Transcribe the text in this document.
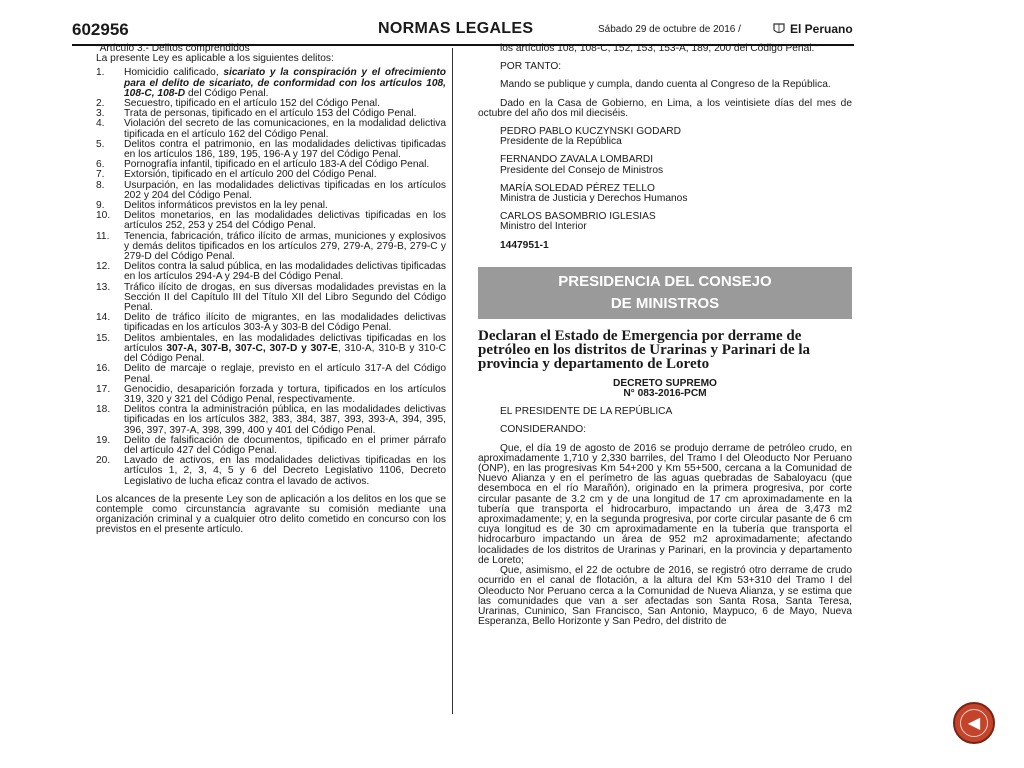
602956	NORMAS LEGALES	Sábado 29 de octubre de 2016 /	El Peruano

"Artículo 3.- Delitos comprendidos

La presente Ley es aplicable a los siguientes delitos:

1. Homicidio calificado, sicariato y la conspiración y el ofrecimiento para el delito de sicariato, de conformidad con los artículos 108, 108-C, 108-D del Código Penal.

2. Secuestro, tipificado en el artículo 152 del Código Penal.

3. Trata de personas, tipificado en el artículo 153 del Código Penal.

4. Violación del secreto de las comunicaciones, en la modalidad delictiva tipificada en el artículo 162 del Código Penal.

5. Delitos contra el patrimonio, en las modalidades delictivas tipificadas en los artículos 186, 189, 195, 196-A y 197 del Código Penal.

6. Pornografía infantil, tipificado en el artículo 183-A del Código Penal.

7. Extorsión, tipificado en el artículo 200 del Código Penal.

8. Usurpación, en las modalidades delictivas tipificadas en los artículos 202 y 204 del Código Penal.

9. Delitos informáticos previstos en la ley penal.

10. Delitos monetarios, en las modalidades delictivas tipificadas en los artículos 252, 253 y 254 del Código Penal.

11. Tenencia, fabricación, tráfico ilícito de armas, municiones y explosivos y demás delitos tipificados en los artículos 279, 279-A, 279-B, 279-C y 279-D del Código Penal.

12. Delitos contra la salud pública, en las modalidades delictivas tipificadas en los artículos 294-A y 294-B del Código Penal.

13. Tráfico ilícito de drogas, en sus diversas modalidades previstas en la Sección II del Capítulo III del Título XII del Libro Segundo del Código Penal.

14. Delito de tráfico ilícito de migrantes, en las modalidades delictivas tipificadas en los artículos 303-A y 303-B del Código Penal.

15. Delitos ambientales, en las modalidades delictivas tipificadas en los artículos 307-A, 307-B, 307-C, 307-D y 307-E, 310-A, 310-B y 310-C del Código Penal.

16. Delito de marcaje o reglaje, previsto en el artículo 317-A del Código Penal.

17. Genocidio, desaparición forzada y tortura, tipificados en los artículos 319, 320 y 321 del Código Penal, respectivamente.

18. Delitos contra la administración pública, en las modalidades delictivas tipificadas en los artículos 382, 383, 384, 387, 393, 393-A, 394, 395, 396, 397, 397-A, 398, 399, 400 y 401 del Código Penal.

19. Delito de falsificación de documentos, tipificado en el primer párrafo del artículo 427 del Código Penal.

20. Lavado de activos, en las modalidades delictivas tipificadas en los artículos 1, 2, 3, 4, 5 y 6 del Decreto Legislativo 1106, Decreto Legislativo de lucha eficaz contra el lavado de activos.

Los alcances de la presente Ley son de aplicación a los delitos en los que se contemple como circunstancia agravante su comisión mediante una organización criminal y a cualquier otro delito cometido en concurso con los previstos en el presente artículo.

los artículos 108, 108-C, 152, 153, 153-A, 189, 200 del Código Penal."

POR TANTO:

Mando se publique y cumpla, dando cuenta al Congreso de la República.

Dado en la Casa de Gobierno, en Lima, a los veintisiete días del mes de octubre del año dos mil dieciséis.

PEDRO PABLO KUCZYNSKI GODARD

Presidente de la República

FERNANDO ZAVALA LOMBARDI

Presidente del Consejo de Ministros

MARÍA SOLEDAD PÉREZ TELLO

Ministra de Justicia y Derechos Humanos

CARLOS BASOMBRIO IGLESIAS

Ministro del Interior

1447951-1

PRESIDENCIA DEL CONSEJO
DE MINISTROS

Declaran el Estado de Emergencia por derrame de petróleo en los distritos de Urarinas y Parinari de la provincia y departamento de Loreto

DECRETO SUPREMO

N° 083-2016-PCM

EL PRESIDENTE DE LA REPÚBLICA

CONSIDERANDO:

Que, el día 19 de agosto de 2016 se produjo derrame de petróleo crudo, en aproximadamente 1,710 y 2,330 barriles, del Tramo I del Oleoducto Nor Peruano (ONP), en las progresivas Km 54+200 y Km 55+500, cercana a la Comunidad de Nuevo Alianza y en el perímetro de las aguas quebradas de Sabaloyacu (que desemboca en el río Marañón), originado en la primera progresiva, por corte circular pasante de 3.2 cm y de una longitud de 17 cm aproximadamente en la tubería que transporta el hidrocarburo, impactando un área de 3,473 m2 aproximadamente; y, en la segunda progresiva, por corte circular pasante de 6 cm cuya longitud es de 30 cm aproximadamente en la tubería que transporta el hidrocarburo impactando un área de 952 m2 aproximadamente; afectando localidades de los distritos de Urarinas y Parinari, en la provincia y departamento de Loreto;

Que, asimismo, el 22 de octubre de 2016, se registró otro derrame de crudo ocurrido en el canal de flotación, a la altura del Km 53+310 del Tramo I del Oleoducto Nor Peruano cerca a la Comunidad de Nueva Alianza, y se estima que las comunidades que van a ser afectadas son Santa Rosa, Santa Teresa, Urarinas, Cuninico, San Francisco, San Antonio, Maypuco, 6 de Mayo, Nueva Esperanza, Bello Horizonte y San Pedro, del distrito de

◀
